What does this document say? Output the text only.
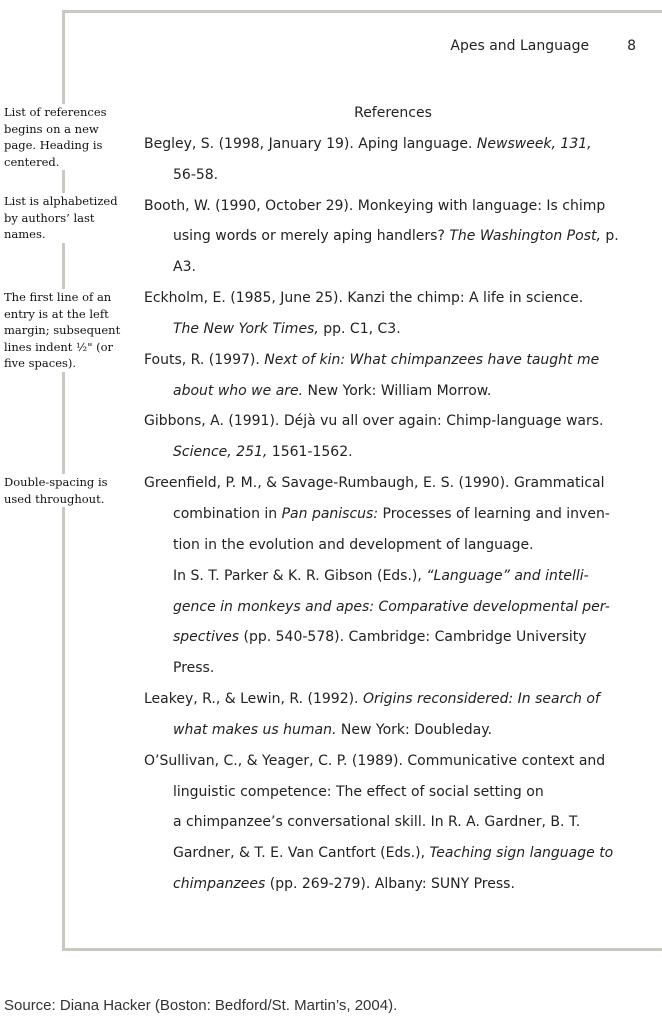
Apes and Language	8
List of references
begins on a new
page. Heading is
centered.
List is alphabetized
by authors’ last
names.
The first line of an
entry is at the left
margin; subsequent
lines indent ½" (or
five spaces).
Double-spacing is
used throughout.
References
Begley, S. (1998, January 19). Aping language. Newsweek, 131,
56-58.
Booth, W. (1990, October 29). Monkeying with language: Is chimp
using words or merely aping handlers? The Washington Post, p.
A3.
Eckholm, E. (1985, June 25). Kanzi the chimp: A life in science.
The New York Times, pp. C1, C3.
Fouts, R. (1997). Next of kin: What chimpanzees have taught me
about who we are. New York: William Morrow.
Gibbons, A. (1991). Déjà vu all over again: Chimp-language wars.
Science, 251, 1561-1562.
Greenfield, P. M., & Savage-Rumbaugh, E. S. (1990). Grammatical
combination in Pan paniscus: Processes of learning and inven-
tion in the evolution and development of language.
In S. T. Parker & K. R. Gibson (Eds.), “Language” and intelli-
gence in monkeys and apes: Comparative developmental per-
spectives (pp. 540-578). Cambridge: Cambridge University
Press.
Leakey, R., & Lewin, R. (1992). Origins reconsidered: In search of
what makes us human. New York: Doubleday.
O’Sullivan, C., & Yeager, C. P. (1989). Communicative context and
linguistic competence: The effect of social setting on
a chimpanzee’s conversational skill. In R. A. Gardner, B. T.
Gardner, & T. E. Van Cantfort (Eds.), Teaching sign language to
chimpanzees (pp. 269-279). Albany: SUNY Press.
Source: Diana Hacker (Boston: Bedford/St. Martin’s, 2004).
